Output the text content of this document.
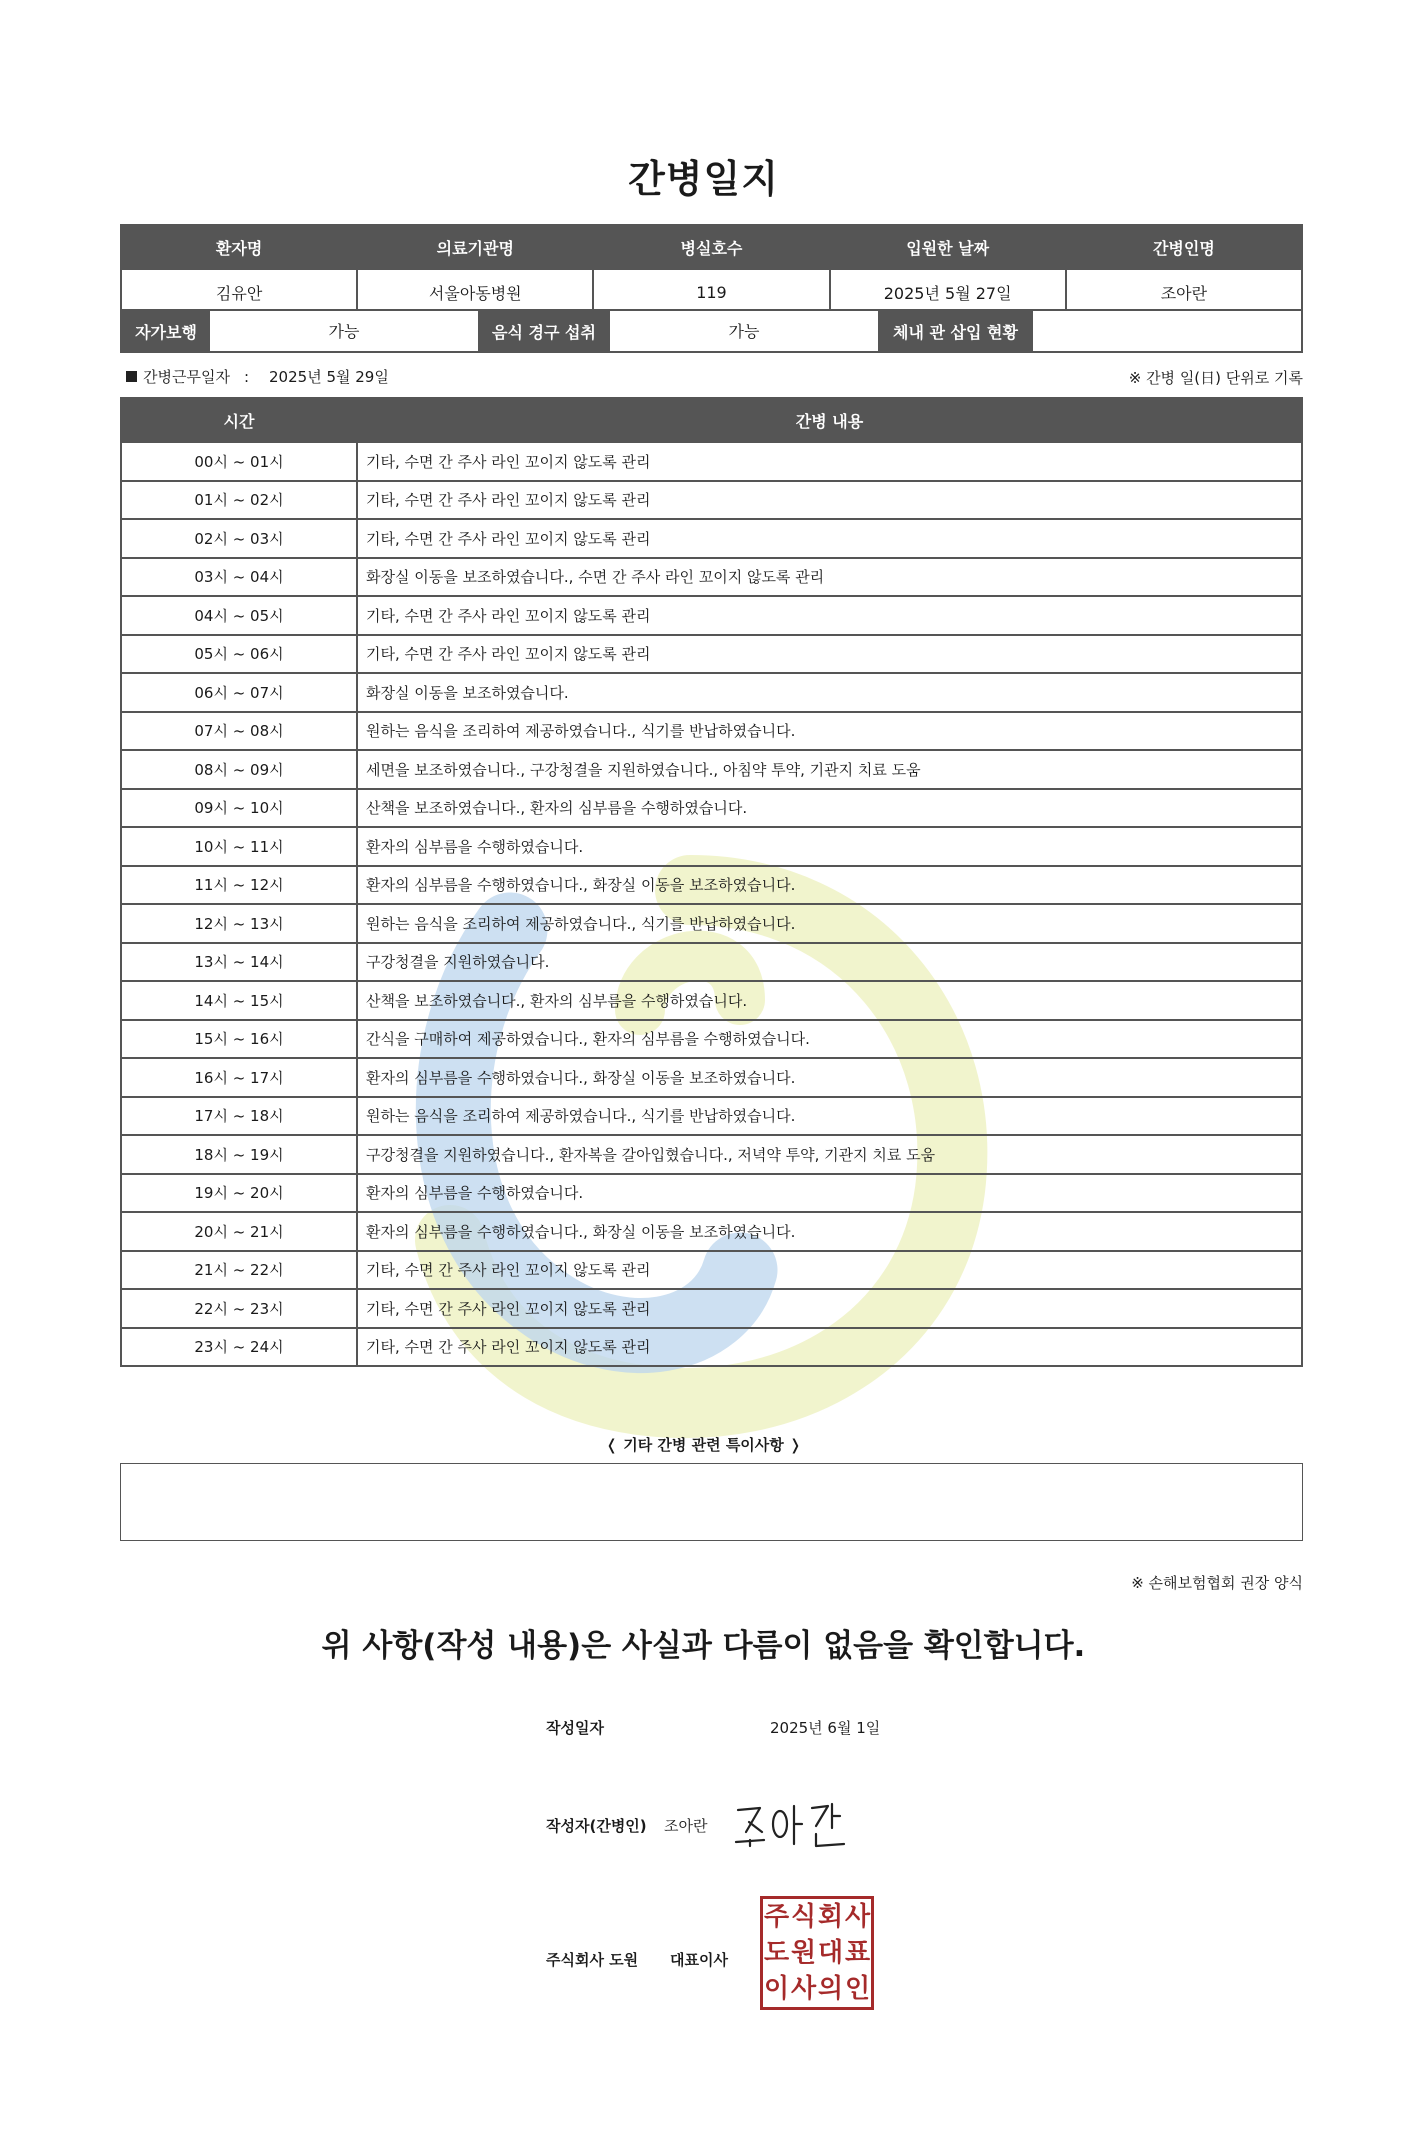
간병일지
환자명	의료기관명	병실호수	입원한 날짜	간병인명
김유안	서울아동병원	119	2025년 5월 27일	조아란
자가보행	가능	음식 경구 섭취	가능	체내 관 삽입 현황
간병근무일자 : 2025년 5월 29일	※ 간병 일(日) 단위로 기록
시간	간병 내용
00시 ~ 01시	기타, 수면 간 주사 라인 꼬이지 않도록 관리
01시 ~ 02시	기타, 수면 간 주사 라인 꼬이지 않도록 관리
02시 ~ 03시	기타, 수면 간 주사 라인 꼬이지 않도록 관리
03시 ~ 04시	화장실 이동을 보조하였습니다., 수면 간 주사 라인 꼬이지 않도록 관리
04시 ~ 05시	기타, 수면 간 주사 라인 꼬이지 않도록 관리
05시 ~ 06시	기타, 수면 간 주사 라인 꼬이지 않도록 관리
06시 ~ 07시	화장실 이동을 보조하였습니다.
07시 ~ 08시	원하는 음식을 조리하여 제공하였습니다., 식기를 반납하였습니다.
08시 ~ 09시	세면을 보조하였습니다., 구강청결을 지원하였습니다., 아침약 투약, 기관지 치료 도움
09시 ~ 10시	산책을 보조하였습니다., 환자의 심부름을 수행하였습니다.
10시 ~ 11시	환자의 심부름을 수행하였습니다.
11시 ~ 12시	환자의 심부름을 수행하였습니다., 화장실 이동을 보조하였습니다.
12시 ~ 13시	원하는 음식을 조리하여 제공하였습니다., 식기를 반납하였습니다.
13시 ~ 14시	구강청결을 지원하였습니다.
14시 ~ 15시	산책을 보조하였습니다., 환자의 심부름을 수행하였습니다.
15시 ~ 16시	간식을 구매하여 제공하였습니다., 환자의 심부름을 수행하였습니다.
16시 ~ 17시	환자의 심부름을 수행하였습니다., 화장실 이동을 보조하였습니다.
17시 ~ 18시	원하는 음식을 조리하여 제공하였습니다., 식기를 반납하였습니다.
18시 ~ 19시	구강청결을 지원하였습니다., 환자복을 갈아입혔습니다., 저녁약 투약, 기관지 치료 도움
19시 ~ 20시	환자의 심부름을 수행하였습니다.
20시 ~ 21시	환자의 심부름을 수행하였습니다., 화장실 이동을 보조하였습니다.
21시 ~ 22시	기타, 수면 간 주사 라인 꼬이지 않도록 관리
22시 ~ 23시	기타, 수면 간 주사 라인 꼬이지 않도록 관리
23시 ~ 24시	기타, 수면 간 주사 라인 꼬이지 않도록 관리
❬ 기타 간병 관련 특이사항 ❭
※ 손해보험협회 권장 양식
위 사항(작성 내용)은 사실과 다름이 없음을 확인합니다.
작성일자	2025년 6월 1일
작성자(간병인) 조아란
주식회사 도원 대표이사
주 식 회 사
도 원 대 표
이 사 의 인
